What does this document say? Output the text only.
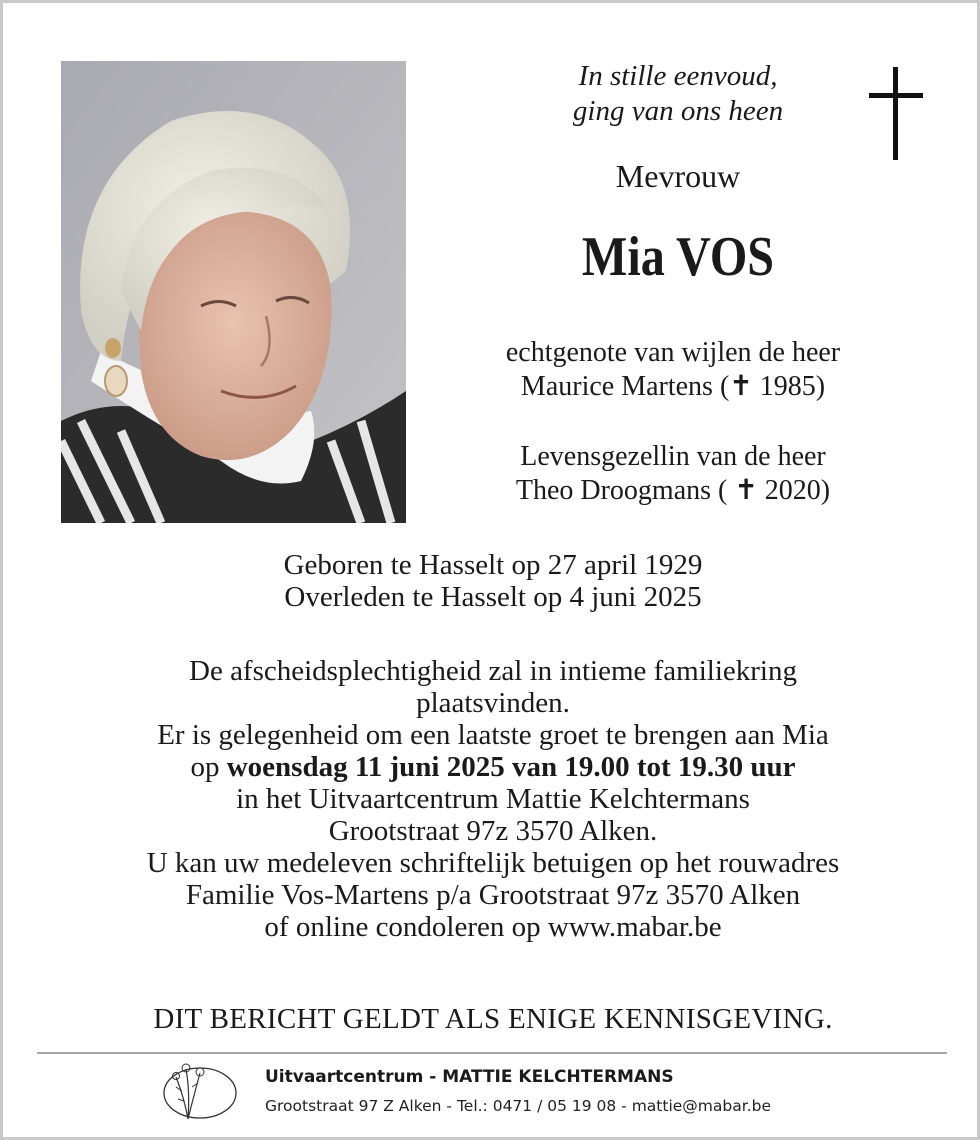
In stille eenvoud,
ging van ons heen
Mevrouw
Mia VOS
echtgenote van wijlen de heer
Maurice Martens (✝ 1985)
Levensgezellin van de heer
Theo Droogmans ( ✝ 2020)
Geboren te Hasselt op 27 april 1929
Overleden te Hasselt op 4 juni 2025
De afscheidsplechtigheid zal in intieme familiekring
plaatsvinden.
Er is gelegenheid om een laatste groet te brengen aan Mia
op woensdag 11 juni 2025 van 19.00 tot 19.30 uur
in het Uitvaartcentrum Mattie Kelchtermans
Grootstraat 97z 3570 Alken.
U kan uw medeleven schriftelijk betuigen op het rouwadres
Familie Vos-Martens p/a Grootstraat 97z 3570 Alken
of online condoleren op www.mabar.be
DIT BERICHT GELDT ALS ENIGE KENNISGEVING.
Uitvaartcentrum - MATTIE KELCHTERMANS
Grootstraat 97 Z Alken - Tel.: 0471 / 05 19 08 - mattie@mabar.be
